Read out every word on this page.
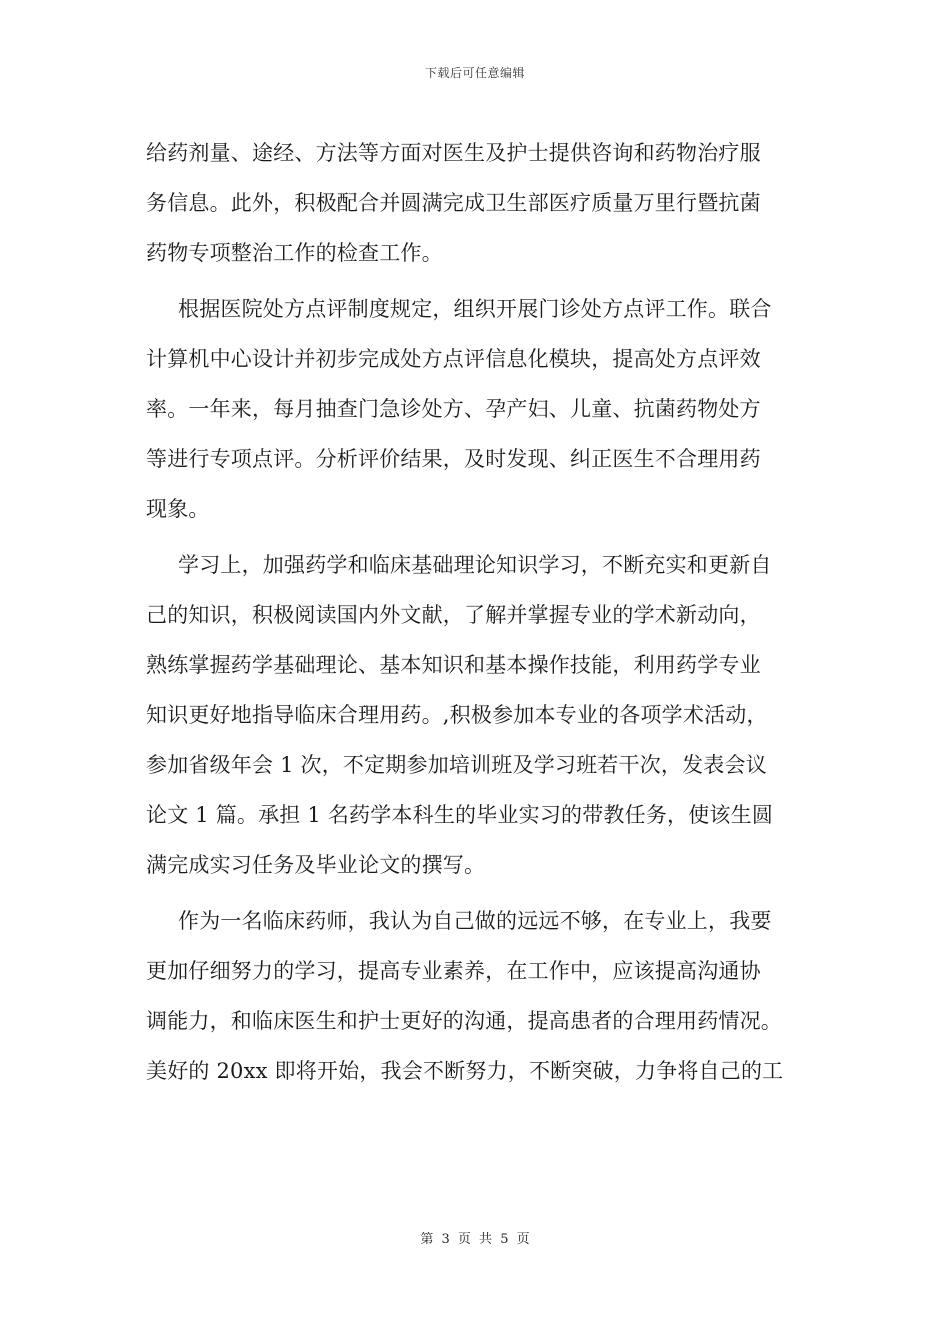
下载后可任意编辑
给药剂量、途经、方法等方面对医生及护士提供咨询和药物治疗服
务信息。此外，积极配合并圆满完成卫生部医疗质量万里行暨抗菌
药物专项整治工作的检查工作。
根据医院处方点评制度规定，组织开展门诊处方点评工作。联合
计算机中心设计并初步完成处方点评信息化模块，提高处方点评效
率。一年来，每月抽查门急诊处方、孕产妇、儿童、抗菌药物处方
等进行专项点评。分析评价结果，及时发现、纠正医生不合理用药
现象。
学习上，加强药学和临床基础理论知识学习，不断充实和更新自
己的知识，积极阅读国内外文献，了解并掌握专业的学术新动向，
熟练掌握药学基础理论、基本知识和基本操作技能，利用药学专业
知识更好地指导临床合理用药。,积极参加本专业的各项学术活动，
参加省级年会 1 次，不定期参加培训班及学习班若干次，发表会议
论文 1 篇。承担 1 名药学本科生的毕业实习的带教任务，使该生圆
满完成实习任务及毕业论文的撰写。
作为一名临床药师，我认为自己做的远远不够，在专业上，我要
更加仔细努力的学习，提高专业素养，在工作中，应该提高沟通协
调能力，和临床医生和护士更好的沟通，提高患者的合理用药情况。
美好的 20xx 即将开始，我会不断努力，不断突破，力争将自己的工
第 3 页 共 5 页
